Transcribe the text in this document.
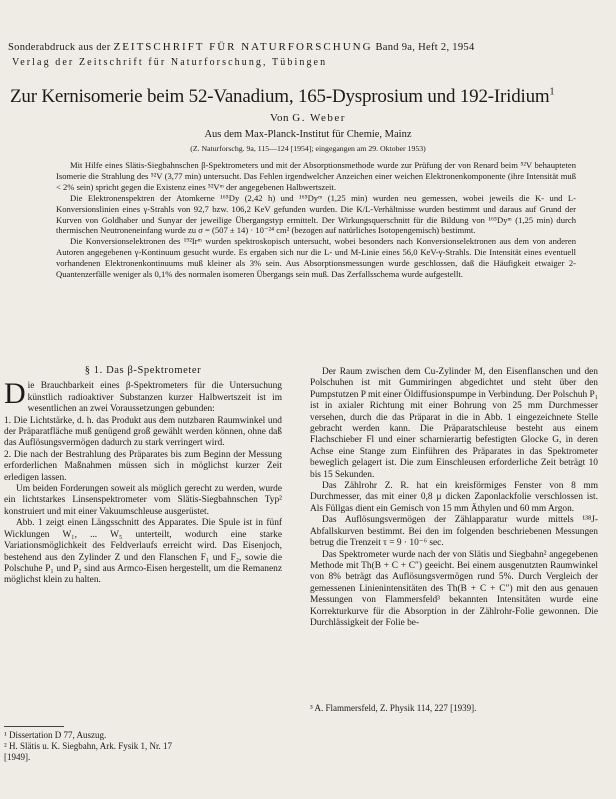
Sonderabdruck aus der ZEITSCHRIFT FÜR NATURFORSCHUNG Band 9a, Heft 2, 1954
Verlag der Zeitschrift für Naturforschung, Tübingen
Zur Kernisomerie beim 52-Vanadium, 165-Dysprosium und 192-Iridium$^1$
Von G. Weber
Aus dem Max-Planck-Institut für Chemie, Mainz
(Z. Naturforschg. 9a, 115—124 [1954]; eingegangen am 29. Oktober 1953)

Mit Hilfe eines Slätis-Siegbahnschen β-Spektrometers und mit der Absorptionsmethode wurde zur Prüfung der von Renard beim ⁵²V behaupteten Isomerie die Strahlung des ⁵²V (3,77 min) untersucht. Das Fehlen irgendwelcher Anzeichen einer weichen Elektronenkomponente (ihre Intensität muß < 2% sein) spricht gegen die Existenz eines ⁵²Vᵐ der angegebenen Halbwertszeit.

Die Elektronenspektren der Atomkerne ¹⁶⁵Dy (2,42 h) und ¹⁶⁵Dyᵐ (1,25 min) wurden neu gemessen, wobei jeweils die K- und L-Konversionslinien eines γ-Strahls von 92,7 bzw. 106,2 KeV gefunden wurden. Die K/L-Verhältnisse wurden bestimmt und daraus auf Grund der Kurven von Goldhaber und Sunyar der jeweilige Übergangstyp ermittelt. Der Wirkungsquerschnitt für die Bildung von ¹⁶⁵Dyᵐ (1,25 min) durch thermischen Neutroneneinfang wurde zu σ = (507 ± 14) · 10⁻²⁴ cm² (bezogen auf natürliches Isotopengemisch) bestimmt.

Die Konversionselektronen des ¹⁹²Irᵐ wurden spektroskopisch untersucht, wobei besonders nach Konversionselektronen aus dem von anderen Autoren angegebenen γ-Kontinuum gesucht wurde. Es ergaben sich nur die L- und M-Linie eines 56,0 KeV-γ-Strahls. Die Intensität eines eventuell vorhandenen Elektronenkontinuums muß kleiner als 3% sein. Aus Absorptionsmessungen wurde geschlossen, daß die Häufigkeit etwaiger 2-Quantenzerfälle weniger als 0,1% des normalen isomeren Übergangs sein muß. Das Zerfallsschema wurde aufgestellt.

§ 1. Das β-Spektrometer

Die Brauchbarkeit eines β-Spektrometers für die Untersuchung künstlich radioaktiver Substanzen kurzer Halbwertszeit ist im wesentlichen an zwei Voraussetzungen gebunden:

1. Die Lichtstärke, d. h. das Produkt aus dem nutzbaren Raumwinkel und der Präparatfläche muß genügend groß gewählt werden können, ohne daß das Auflösungsvermögen dadurch zu stark verringert wird.

2. Die nach der Bestrahlung des Präparates bis zum Beginn der Messung erforderlichen Maßnahmen müssen sich in möglichst kurzer Zeit erledigen lassen.

Um beiden Forderungen soweit als möglich gerecht zu werden, wurde ein lichtstarkes Linsenspektrometer vom Slätis-Siegbahnschen Typ² konstruiert und mit einer Vakuumschleuse ausgerüstet.

Abb. 1 zeigt einen Längsschnitt des Apparates. Die Spule ist in fünf Wicklungen W₁, ... W₅ unterteilt, wodurch eine starke Variationsmöglichkeit des Feldverlaufs erreicht wird. Das Eisenjoch, bestehend aus den Zylinder Z und den Flanschen F₁ und F₂, sowie die Polschuhe P₁ und P₂ sind aus Armco-Eisen hergestellt, um die Remanenz möglichst klein zu halten.

Der Raum zwischen dem Cu-Zylinder M, den Eisenflanschen und den Polschuhen ist mit Gummiringen abgedichtet und steht über den Pumpstutzen P mit einer Öldiffusionspumpe in Verbindung. Der Polschuh P₁ ist in axialer Richtung mit einer Bohrung von 25 mm Durchmesser versehen, durch die das Präparat in die in Abb. 1 eingezeichnete Stelle gebracht werden kann. Die Präparatschleuse besteht aus einem Flachschieber Fl und einer scharnierartig befestigten Glocke G, in deren Achse eine Stange zum Einführen des Präparates in das Spektrometer beweglich gelagert ist. Die zum Einschleusen erforderliche Zeit beträgt 10 bis 15 Sekunden.

Das Zählrohr Z. R. hat ein kreisförmiges Fenster von 8 mm Durchmesser, das mit einer 0,8 μ dicken Zaponlackfolie verschlossen ist. Als Füllgas dient ein Gemisch von 15 mm Äthylen und 60 mm Argon.

Das Auflösungsvermögen der Zählapparatur wurde mittels ¹³⁸J-Abfallskurven bestimmt. Bei den im folgenden beschriebenen Messungen betrug die Trenzeit τ = 9 · 10⁻⁶ sec.

Das Spektrometer wurde nach der von Slätis und Siegbahn² angegebenen Methode mit Th(B + C + C″) geeicht. Bei einem ausgenutzten Raumwinkel von 8% beträgt das Auflösungsvermögen rund 5%. Durch Vergleich der gemessenen Linienintensitäten des Th(B + C + C″) mit den aus genauen Messungen von Flammersfeld³ bekannten Intensitäten wurde eine Korrekturkurve für die Absorption in der Zählrohr-Folie gewonnen. Die Durchlässigkeit der Folie be-

¹ Dissertation D 77, Auszug.
² H. Slätis u. K. Siegbahn, Ark. Fysik 1, Nr. 17
[1949].
³ A. Flammersfeld, Z. Physik 114, 227 [1939].
